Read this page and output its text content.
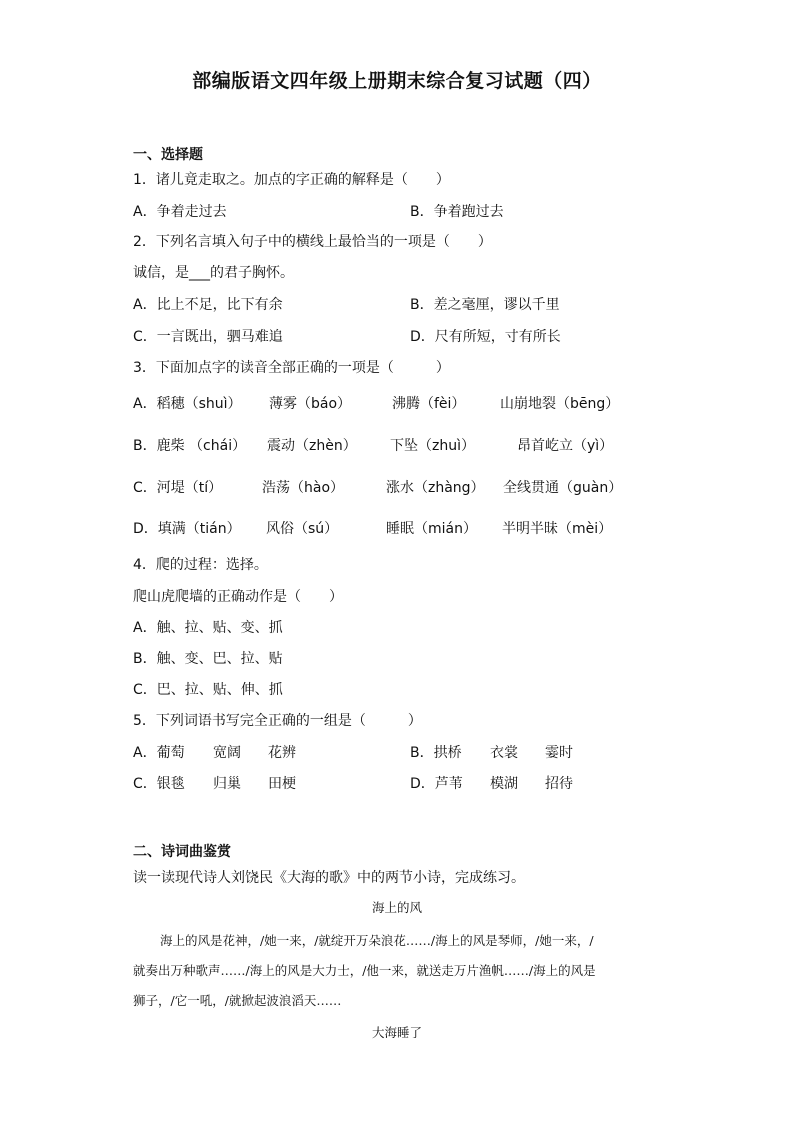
部编版语文四年级上册期末综合复习试题（四）
一、选择题
1．诸儿竟走取之。加点的字正确的解释是（　　）
A．争着走过去	B．争着跑过去
2．下列名言填入句子中的横线上最恰当的一项是（　　）
诚信，是___的君子胸怀。
A．比上不足，比下有余	B．差之毫厘，谬以千里
C．一言既出，驷马难追	D．尺有所短，寸有所长
3．下面加点字的读音全部正确的一项是（　　　）
A．稻穗（shuì） 薄雾（báo）	沸腾（fèi） 山崩地裂（bēng）
B．鹿柴 （chái） 震动（zhèn） 下坠（zhuì）	昂首屹立（yì）
C．河堤（tí）	浩荡（hào）	涨水（zhàng） 全线贯通（guàn）
D．填满（tián） 风俗（sú）	睡眠（mián） 半明半昧（mèi）
4．爬的过程：选择。
爬山虎爬墙的正确动作是（　　）
A．触、拉、贴、变、抓
B．触、变、巴、拉、贴
C．巴、拉、贴、伸、抓
5．下列词语书写完全正确的一组是（　　　）
A．葡萄 宽阔 花辨	B．拱桥 衣裳 霎时
C．银毯 归巢 田梗	D．芦苇 模湖 招待
二、诗词曲鉴赏
读一读现代诗人刘饶民《大海的歌》中的两节小诗，完成练习。
海上的风
海上的风是花神，/她一来，/就绽开万朵浪花……/海上的风是琴师，/她一来，/
就奏出万种歌声……/海上的风是大力士，/他一来，就送走万片渔帆……/海上的风是
狮子，/它一吼，/就掀起波浪滔天……
大海睡了
